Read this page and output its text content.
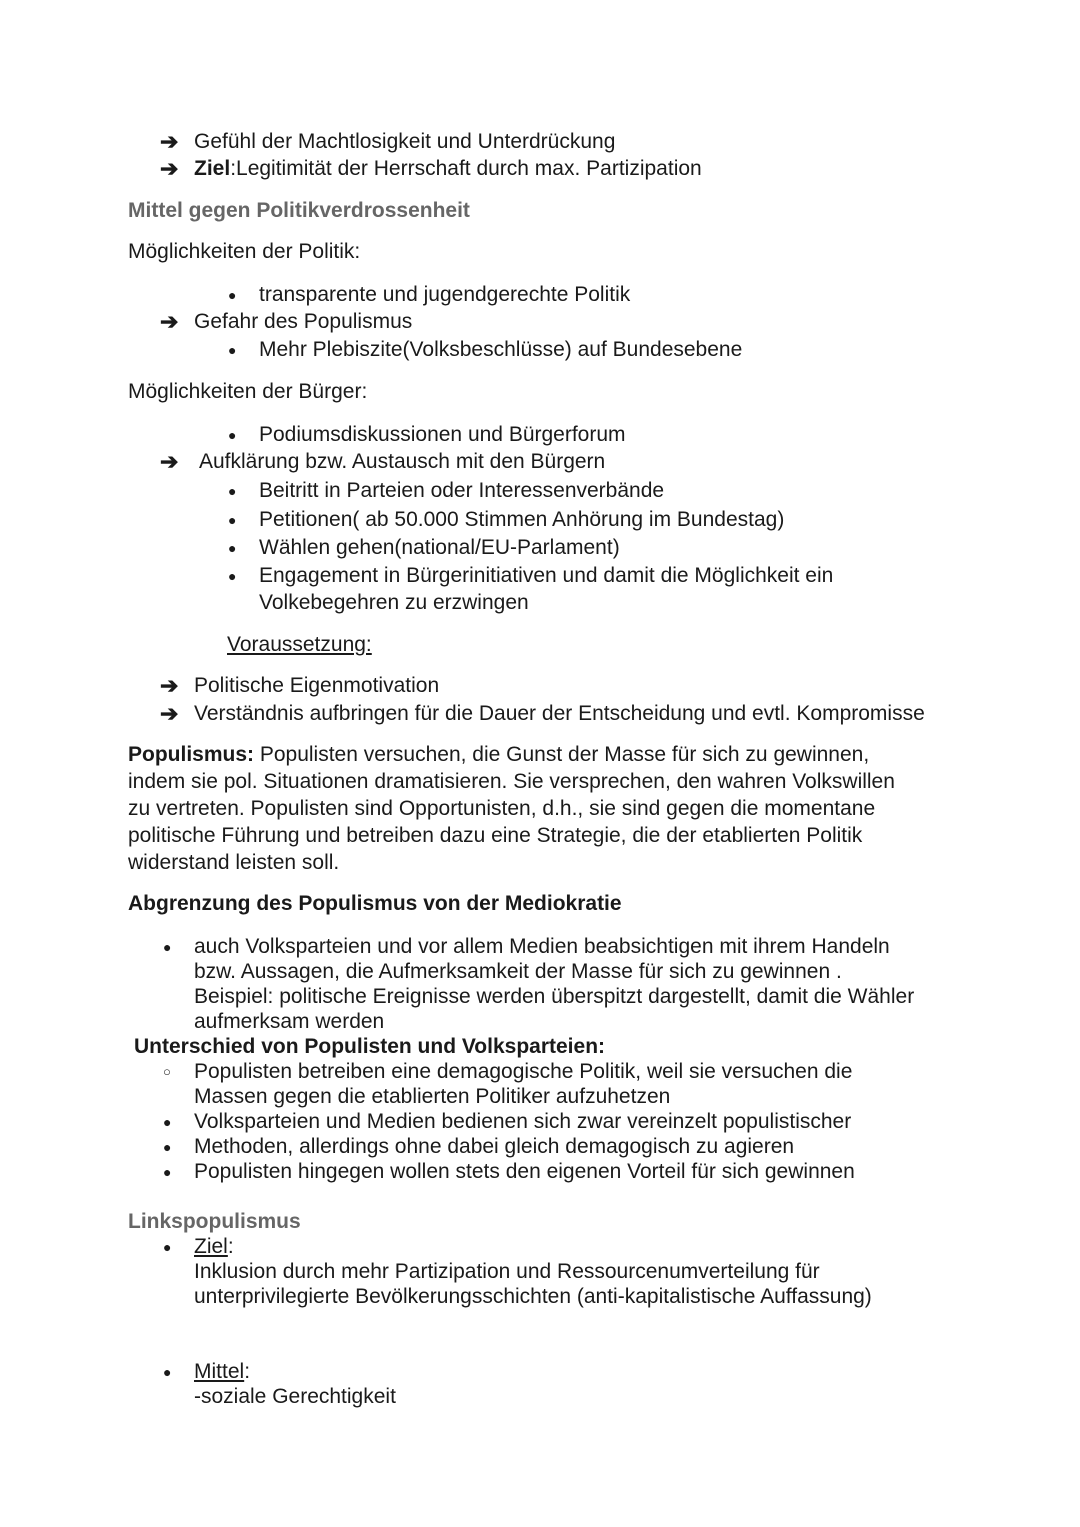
➔ Gefühl der Machtlosigkeit und Unterdrückung
➔ Ziel:Legitimität der Herrschaft durch max. Partizipation
Mittel gegen Politikverdrossenheit
Möglichkeiten der Politik:
● transparente und jugendgerechte Politik
➔ Gefahr des Populismus
● Mehr Plebiszite(Volksbeschlüsse) auf Bundesebene
Möglichkeiten der Bürger:
● Podiumsdiskussionen und Bürgerforum
➔ Aufklärung bzw. Austausch mit den Bürgern
● Beitritt in Parteien oder Interessenverbände
● Petitionen( ab 50.000 Stimmen Anhörung im Bundestag)
● Wählen gehen(national/EU-Parlament)
● Engagement in Bürgerinitiativen und damit die Möglichkeit ein
Volkebegehren zu erzwingen
Voraussetzung:
➔ Politische Eigenmotivation
➔ Verständnis aufbringen für die Dauer der Entscheidung und evtl. Kompromisse
Populismus: Populisten versuchen, die Gunst der Masse für sich zu gewinnen,
indem sie pol. Situationen dramatisieren. Sie versprechen, den wahren Volkswillen
zu vertreten. Populisten sind Opportunisten, d.h., sie sind gegen die momentane
politische Führung und betreiben dazu eine Strategie, die der etablierten Politik
widerstand leisten soll.
Abgrenzung des Populismus von der Mediokratie
● auch Volksparteien und vor allem Medien beabsichtigen mit ihrem Handeln
bzw. Aussagen, die Aufmerksamkeit der Masse für sich zu gewinnen .
Beispiel: politische Ereignisse werden überspitzt dargestellt, damit die Wähler
aufmerksam werden
Unterschied von Populisten und Volksparteien:
○ Populisten betreiben eine demagogische Politik, weil sie versuchen die
Massen gegen die etablierten Politiker aufzuhetzen
● Volksparteien und Medien bedienen sich zwar vereinzelt populistischer
● Methoden, allerdings ohne dabei gleich demagogisch zu agieren
● Populisten hingegen wollen stets den eigenen Vorteil für sich gewinnen
Linkspopulismus
● Ziel:
Inklusion durch mehr Partizipation und Ressourcenumverteilung für
unterprivilegierte Bevölkerungsschichten (anti-kapitalistische Auffassung)
● Mittel:
-soziale Gerechtigkeit
